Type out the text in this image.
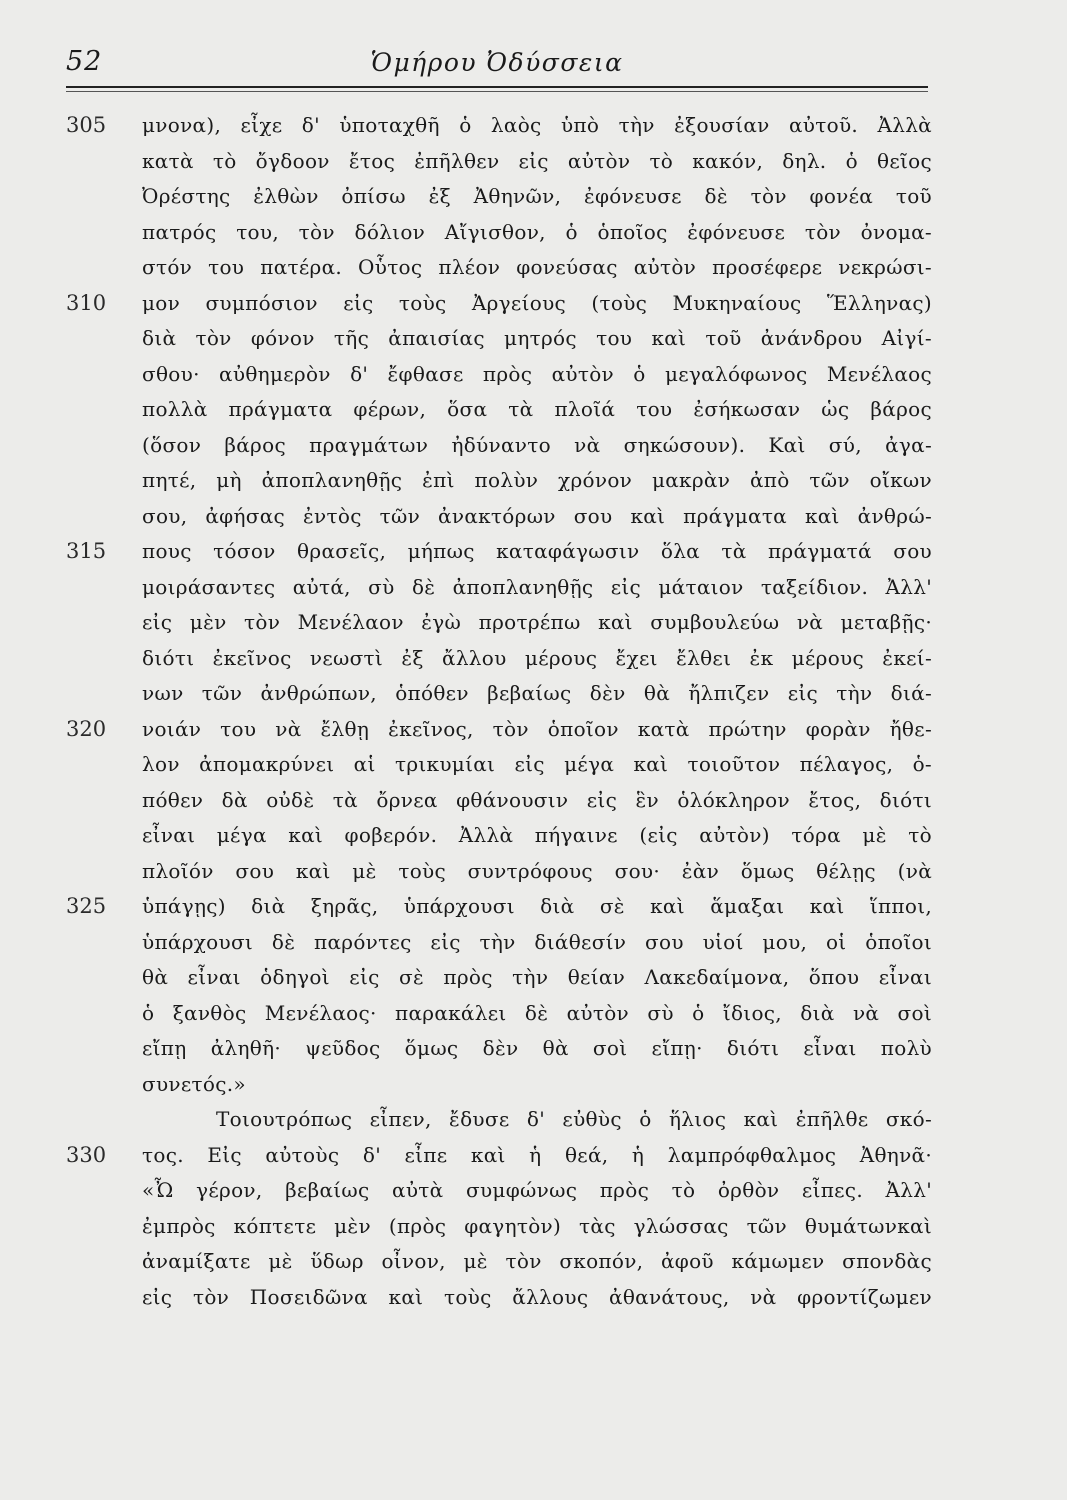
52	Ὁμήρου Ὀδύσσεια
305	μνονα), εἶχε δ' ὑποταχθῆ ὁ λαὸς ὑπὸ τὴν ἐξουσίαν αὐτοῦ. Ἀλλὰ
κατὰ τὸ ὄγδοον ἔτος ἐπῆλθεν εἰς αὐτὸν τὸ κακόν, δηλ. ὁ θεῖος
Ὀρέστης ἐλθὼν ὀπίσω ἐξ Ἀθηνῶν, ἐφόνευσε δὲ τὸν φονέα τοῦ
πατρός του, τὸν δόλιον Αἴγισθον, ὁ ὁποῖος ἐφόνευσε τὸν ὀνομα-
στόν του πατέρα. Οὗτος πλέον φονεύσας αὐτὸν προσέφερε νεκρώσι-
310	μον συμπόσιον εἰς τοὺς Ἀργείους (τοὺς Μυκηναίους Ἕλληνας)
διὰ τὸν φόνον τῆς ἀπαισίας μητρός του καὶ τοῦ ἀνάνδρου Αἰγί-
σθου· αὐθημερὸν δ' ἔφθασε πρὸς αὐτὸν ὁ μεγαλόφωνος Μενέλαος
πολλὰ πράγματα φέρων, ὅσα τὰ πλοῖά του ἐσήκωσαν ὡς βάρος
(ὅσον βάρος πραγμάτων ἠδύναντο νὰ σηκώσουν). Καὶ σύ, ἀγα-
πητέ, μὴ ἀποπλανηθῇς ἐπὶ πολὺν χρόνον μακρὰν ἀπὸ τῶν οἴκων
σου, ἀφήσας ἐντὸς τῶν ἀνακτόρων σου καὶ πράγματα καὶ ἀνθρώ-
315	πους τόσον θρασεῖς, μήπως καταφάγωσιν ὅλα τὰ πράγματά σου
μοιράσαντες αὐτά, σὺ δὲ ἀποπλανηθῇς εἰς μάταιον ταξείδιον. Ἀλλ'
εἰς μὲν τὸν Μενέλαον ἐγὼ προτρέπω καὶ συμβουλεύω νὰ μεταβῇς·
διότι ἐκεῖνος νεωστὶ ἐξ ἄλλου μέρους ἔχει ἔλθει ἐκ μέρους ἐκεί-
νων τῶν ἀνθρώπων, ὁπόθεν βεβαίως δὲν θὰ ἤλπιζεν εἰς τὴν διά-
320	νοιάν του νὰ ἔλθῃ ἐκεῖνος, τὸν ὁποῖον κατὰ πρώτην φορὰν ἤθε-
λον ἀπομακρύνει αἱ τρικυμίαι εἰς μέγα καὶ τοιοῦτον πέλαγος, ὁ-
πόθεν δὰ οὐδὲ τὰ ὄρνεα φθάνουσιν εἰς ἓν ὁλόκληρον ἔτος, διότι
εἶναι μέγα καὶ φοβερόν. Ἀλλὰ πήγαινε (εἰς αὐτὸν) τόρα μὲ τὸ
πλοῖόν σου καὶ μὲ τοὺς συντρόφους σου· ἐὰν ὅμως θέλῃς (νὰ
325	ὑπάγῃς) διὰ ξηρᾶς, ὑπάρχουσι διὰ σὲ καὶ ἅμαξαι καὶ ἵπποι,
ὑπάρχουσι δὲ παρόντες εἰς τὴν διάθεσίν σου υἱοί μου, οἱ ὁποῖοι
θὰ εἶναι ὁδηγοὶ εἰς σὲ πρὸς τὴν θείαν Λακεδαίμονα, ὅπου εἶναι
ὁ ξανθὸς Μενέλαος· παρακάλει δὲ αὐτὸν σὺ ὁ ἴδιος, διὰ νὰ σοὶ
εἴπῃ ἀληθῆ· ψεῦδος ὅμως δὲν θὰ σοὶ εἴπῃ· διότι εἶναι πολὺ
συνετός.»
Τοιουτρόπως εἶπεν, ἔδυσε δ' εὐθὺς ὁ ἥλιος καὶ ἐπῆλθε σκό-
330	τος. Εἰς αὐτοὺς δ' εἶπε καὶ ἡ θεά, ἡ λαμπρόφθαλμος Ἀθηνᾶ·
«Ὦ γέρον, βεβαίως αὐτὰ συμφώνως πρὸς τὸ ὀρθὸν εἶπες. Ἀλλ'
ἐμπρὸς κόπτετε μὲν (πρὸς φαγητὸν) τὰς γλώσσας τῶν θυμάτωνκαὶ
ἀναμίξατε μὲ ὕδωρ οἶνον, μὲ τὸν σκοπόν, ἀφοῦ κάμωμεν σπονδὰς
εἰς τὸν Ποσειδῶνα καὶ τοὺς ἄλλους ἀθανάτους, νὰ φροντίζωμεν
